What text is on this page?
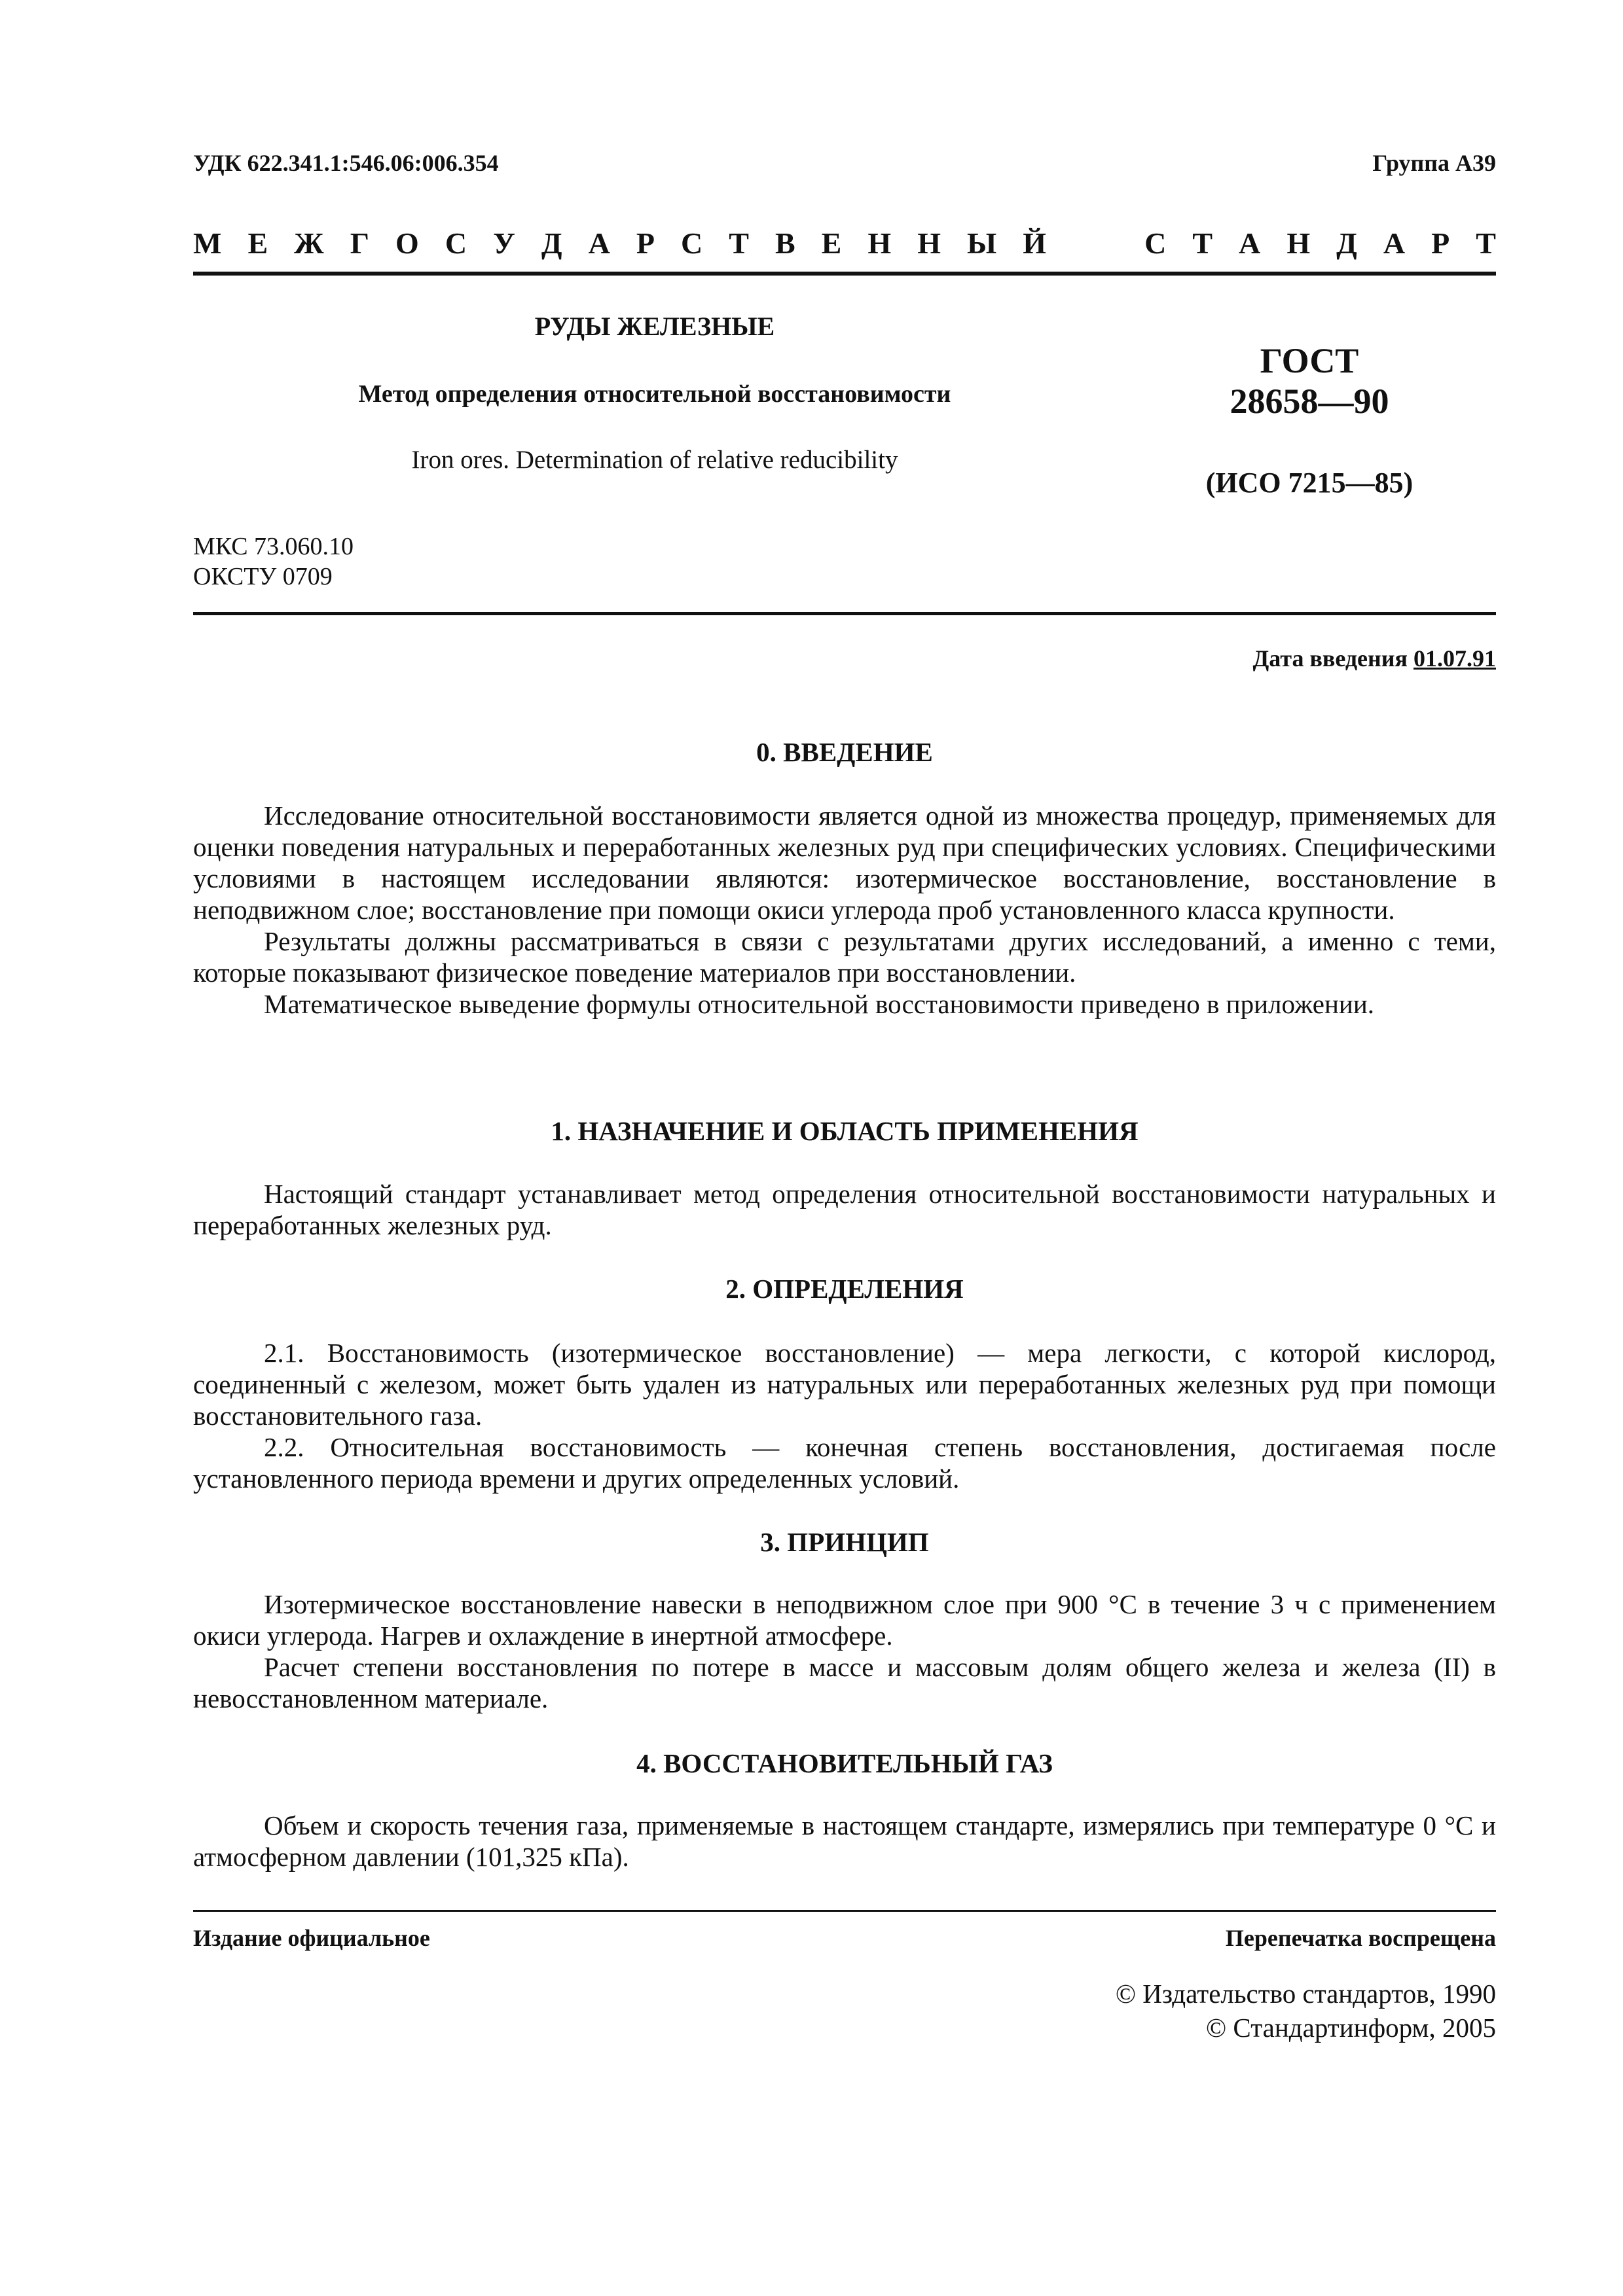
УДК 622.341.1:546.06:006.354	Группа А39
М Е Ж Г О С У Д А Р С Т В Е Н Н Ы Й	С Т А Н Д А Р Т
РУДЫ ЖЕЛЕЗНЫЕ
Метод определения относительной восстановимости
Iron ores. Determination of relative reducibility
ГОСТ
28658—90
(ИСО 7215—85)
МКС 73.060.10
ОКСТУ 0709
Дата введения 01.07.91
0. ВВЕДЕНИЕ

Исследование относительной восстановимости является одной из множества процедур, применяемых для оценки поведения натуральных и переработанных железных руд при специфических условиях. Специфическими условиями в настоящем исследовании являются: изотермическое восстановление, восстановление в неподвижном слое; восстановление при помощи окиси углерода проб установленного класса крупности.

Результаты должны рассматриваться в связи с результатами других исследований, а именно с теми, которые показывают физическое поведение материалов при восстановлении.

Математическое выведение формулы относительной восстановимости приведено в приложении.

1. НАЗНАЧЕНИЕ И ОБЛАСТЬ ПРИМЕНЕНИЯ

Настоящий стандарт устанавливает метод определения относительной восстановимости натуральных и переработанных железных руд.

2. ОПРЕДЕЛЕНИЯ

2.1. Восстановимость (изотермическое восстановление) — мера легкости, с которой кислород, соединенный с железом, может быть удален из натуральных или переработанных железных руд при помощи восстановительного газа.

2.2. Относительная восстановимость — конечная степень восстановления, достигаемая после установленного периода времени и других определенных условий.

3. ПРИНЦИП

Изотермическое восстановление навески в неподвижном слое при 900 °С в течение 3 ч с применением окиси углерода. Нагрев и охлаждение в инертной атмосфере.

Расчет степени восстановления по потере в массе и массовым долям общего железа и железа (II) в невосстановленном материале.

4. ВОССТАНОВИТЕЛЬНЫЙ ГАЗ

Объем и скорость течения газа, применяемые в настоящем стандарте, измерялись при температуре 0 °С и атмосферном давлении (101,325 кПа).

Издание официальное	Перепечатка воспрещена
© Издательство стандартов, 1990
© Стандартинформ, 2005
